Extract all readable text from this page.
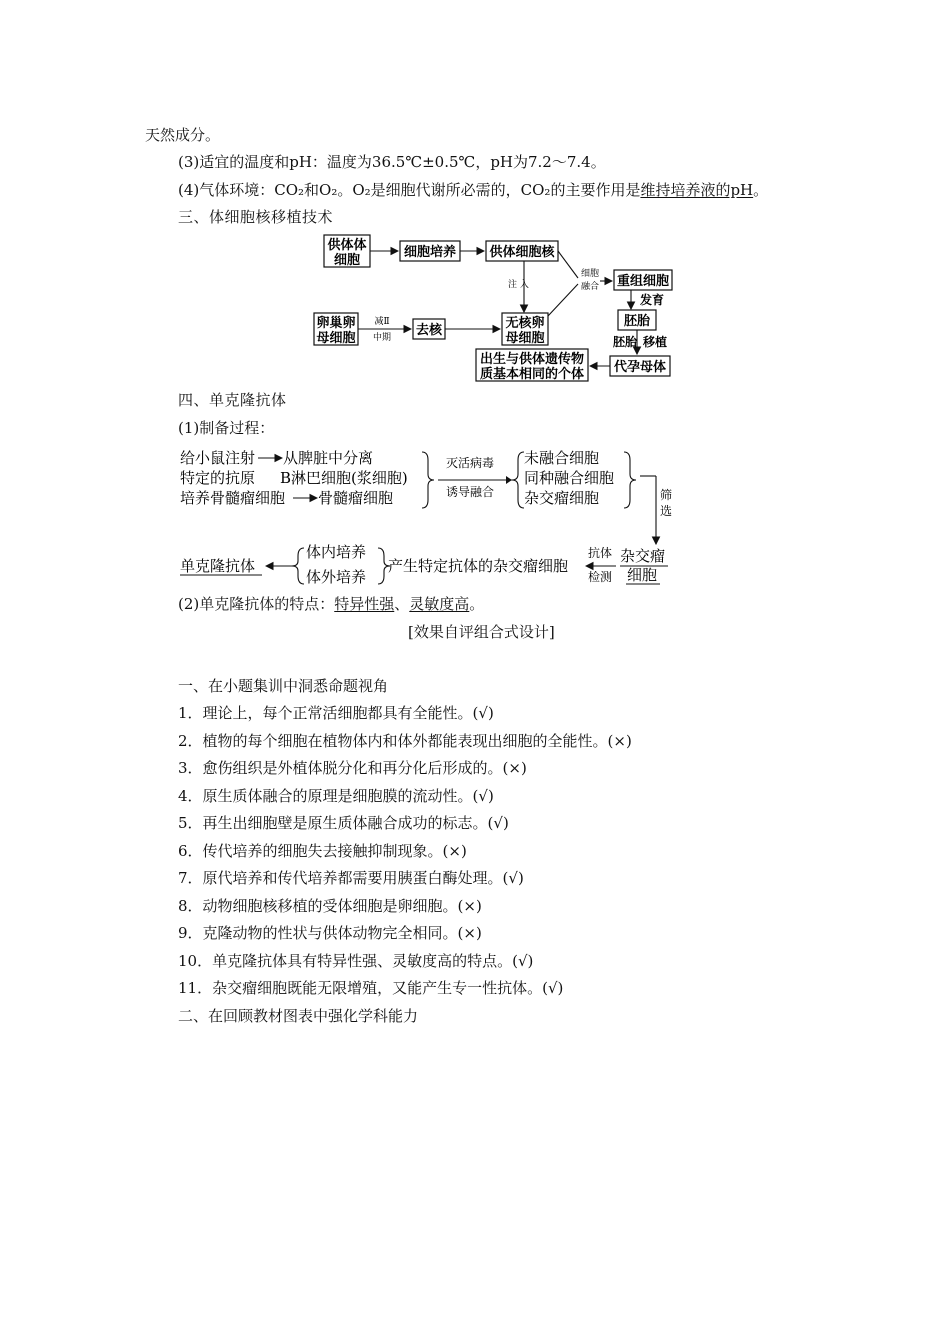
天然成分。
(3)适宜的温度和pH：温度为36.5℃±0.5℃，pH为7.2～7.4。
(4)气体环境：CO₂和O₂。O₂是细胞代谢所必需的，CO₂的主要作用是维持培养液的pH。
三、体细胞核移植技术
供体体
细胞
细胞培养	供体细胞核
注 入
细胞
融合 重组细胞
发育
胚胎
胚胎 移植
代孕母体
卵巢卵
母细胞
减Ⅱ
中期 去核	无核卵
母细胞
出生与供体遗传物
质基本相同的个体
四、单克隆抗体
(1)制备过程：
给小鼠注射 从脾脏中分离
特定的抗原 B淋巴细胞(浆细胞)
培养骨髓瘤细胞 骨髓瘤细胞
灭活病毒
诱导融合
未融合细胞
同种融合细胞
杂交瘤细胞	筛
选
杂交瘤
细胞
抗体
检测
产生特定抗体的杂交瘤细胞
体内培养
体外培养
单克隆抗体
(2)单克隆抗体的特点：特异性强、灵敏度高。
[效果自评组合式设计]
一、在小题集训中洞悉命题视角
1．理论上，每个正常活细胞都具有全能性。(√)
2．植物的每个细胞在植物体内和体外都能表现出细胞的全能性。(×)
3．愈伤组织是外植体脱分化和再分化后形成的。(×)
4．原生质体融合的原理是细胞膜的流动性。(√)
5．再生出细胞壁是原生质体融合成功的标志。(√)
6．传代培养的细胞失去接触抑制现象。(×)
7．原代培养和传代培养都需要用胰蛋白酶处理。(√)
8．动物细胞核移植的受体细胞是卵细胞。(×)
9．克隆动物的性状与供体动物完全相同。(×)
10．单克隆抗体具有特异性强、灵敏度高的特点。(√)
11．杂交瘤细胞既能无限增殖，又能产生专一性抗体。(√)
二、在回顾教材图表中强化学科能力
